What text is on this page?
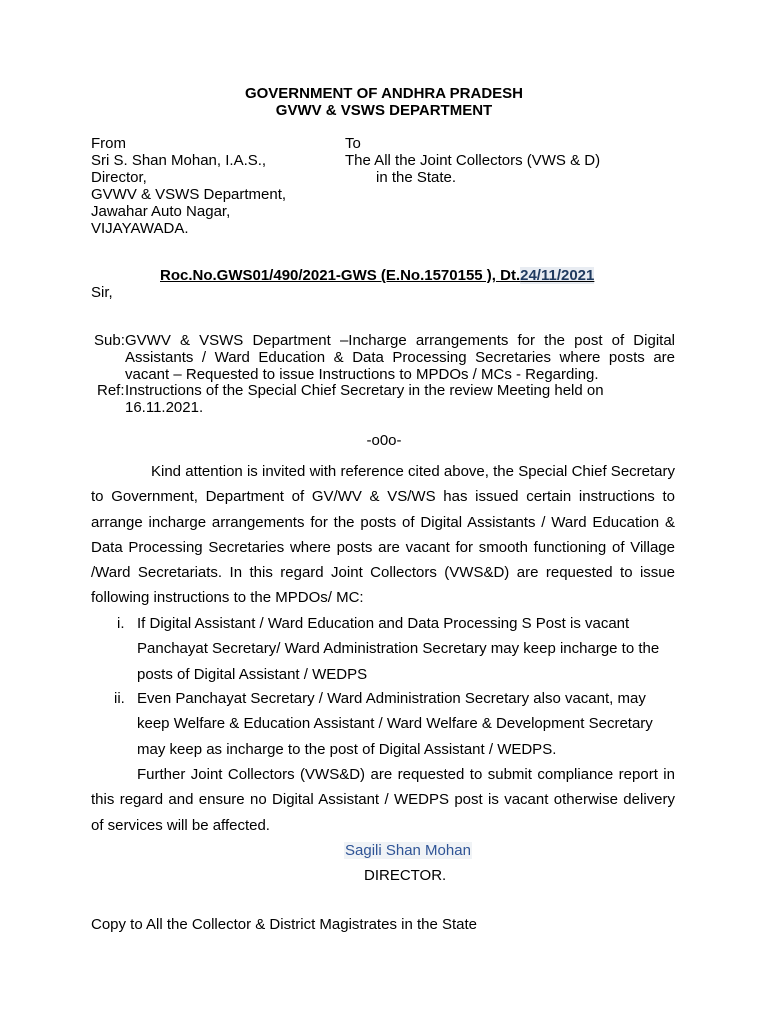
GOVERNMENT OF ANDHRA PRADESH
GVWV & VSWS DEPARTMENT
From
Sri S. Shan Mohan, I.A.S.,
Director,
GVWV & VSWS Department,
Jawahar Auto Nagar,
VIJAYAWADA.
To
The All the Joint Collectors (VWS & D)
in the State.
Roc.No.GWS01/490/2021-GWS (E.No.1570155 ), Dt.24/11/2021
Sir,
Sub: GVWV & VSWS Department –Incharge arrangements for the post of Digital Assistants / Ward Education & Data Processing Secretaries where posts are vacant – Requested to issue Instructions to MPDOs / MCs - Regarding.
Ref: Instructions of the Special Chief Secretary in the review Meeting held on
16.11.2021.
-o0o-

Kind attention is invited with reference cited above, the Special Chief Secretary to Government, Department of GV/WV & VS/WS has issued certain instructions to arrange incharge arrangements for the posts of Digital Assistants / Ward Education & Data Processing Secretaries where posts are vacant for smooth functioning of Village /Ward Secretariats. In this regard Joint Collectors (VWS&D) are requested to issue following instructions to the MPDOs/ MC:

i. If Digital Assistant / Ward Education and Data Processing S Post is vacant Panchayat Secretary/ Ward Administration Secretary may keep incharge to the posts of Digital Assistant / WEDPS
ii. Even Panchayat Secretary / Ward Administration Secretary also vacant, may keep Welfare & Education Assistant / Ward Welfare & Development Secretary may keep as incharge to the post of Digital Assistant / WEDPS.

Further Joint Collectors (VWS&D) are requested to submit compliance report in this regard and ensure no Digital Assistant / WEDPS post is vacant otherwise delivery of services will be affected.

Sagili Shan Mohan
DIRECTOR.
Copy to All the Collector & District Magistrates in the State
